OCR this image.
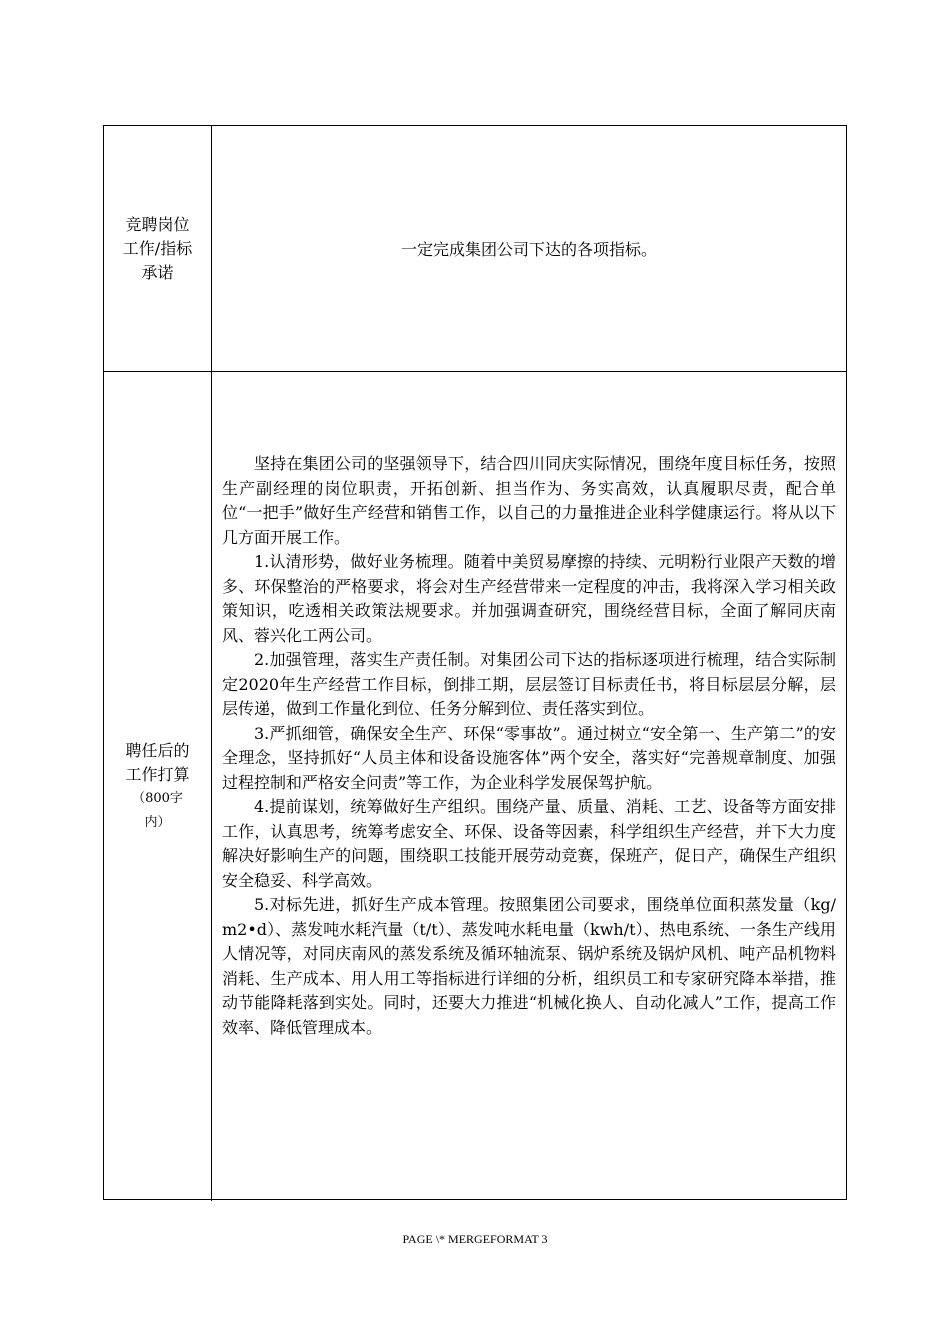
竞聘岗位
工作/指标
承诺
一定完成集团公司下达的各项指标。
聘任后的
工作打算
（800字
内）

坚持在集团公司的坚强领导下，结合四川同庆实际情况，围绕年度目标任务，按照生产副经理的岗位职责，开拓创新、担当作为、务实高效，认真履职尽责，配合单位“一把手”做好生产经营和销售工作，以自己的力量推进企业科学健康运行。将从以下几方面开展工作。

1.认清形势，做好业务梳理。随着中美贸易摩擦的持续、元明粉行业限产天数的增多、环保整治的严格要求，将会对生产经营带来一定程度的冲击，我将深入学习相关政策知识，吃透相关政策法规要求。并加强调查研究，围绕经营目标，全面了解同庆南风、蓉兴化工两公司。

2.加强管理，落实生产责任制。对集团公司下达的指标逐项进行梳理，结合实际制定2020年生产经营工作目标，倒排工期，层层签订目标责任书，将目标层层分解，层层传递，做到工作量化到位、任务分解到位、责任落实到位。

3.严抓细管，确保安全生产、环保“零事故”。通过树立“安全第一、生产第二”的安全理念，坚持抓好“人员主体和设备设施客体”两个安全，落实好“完善规章制度、加强过程控制和严格安全问责”等工作，为企业科学发展保驾护航。

4.提前谋划，统筹做好生产组织。围绕产量、质量、消耗、工艺、设备等方面安排工作，认真思考，统筹考虑安全、环保、设备等因素，科学组织生产经营，并下大力度解决好影响生产的问题，围绕职工技能开展劳动竞赛，保班产，促日产，确保生产组织安全稳妥、科学高效。

5.对标先进，抓好生产成本管理。按照集团公司要求，围绕单位面积蒸发量（kg/m2•d）、蒸发吨水耗汽量（t/t）、蒸发吨水耗电量（kwh/t）、热电系统、一条生产线用人情况等，对同庆南风的蒸发系统及循环轴流泵、锅炉系统及锅炉风机、吨产品机物料消耗、生产成本、用人用工等指标进行详细的分析，组织员工和专家研究降本举措，推动节能降耗落到实处。同时，还要大力推进“机械化换人、自动化减人”工作，提高工作效率、降低管理成本。

PAGE \* MERGEFORMAT 3
